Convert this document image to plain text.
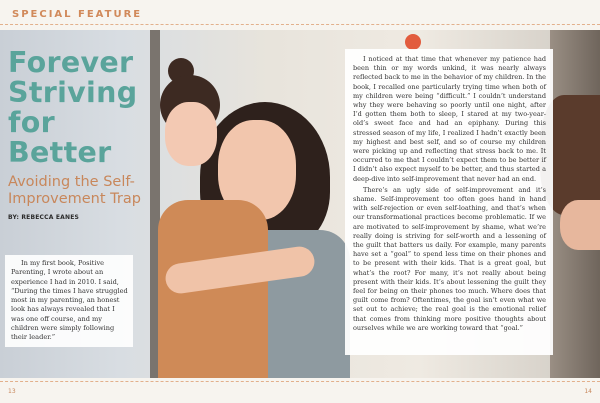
SPECIAL FEATURE
Forever Striving for Better
Avoiding the Self-Improvement Trap
BY: REBECCA EANES

In my first book, Positive Parenting, I wrote about an experience I had in 2010. I said, “During the times I have struggled most in my parenting, an honest look has always revealed that I was one off course, and my children were simply following their leader.”

I noticed at that time that whenever my patience had been thin or my words unkind, it was nearly always reflected back to me in the behavior of my children. In the book, I recalled one particularly trying time when both of my children were being “difficult.” I couldn’t understand why they were behaving so poorly until one night, after I’d gotten them both to sleep, I stared at my two-year-old’s sweet face and had an epiphany. During this stressed season of my life, I realized I hadn’t exactly been my highest and best self, and so of course my children were picking up and reflecting that stress back to me. It occurred to me that I couldn’t expect them to be better if I didn’t also expect myself to be better, and thus started a deep-dive into self-improvement that never had an end.

There’s an ugly side of self-improvement and it’s shame. Self-improvement too often goes hand in hand with self-rejection or even self-loathing, and that’s when our transformational practices become problematic. If we are motivated to self-improvement by shame, what we’re really doing is striving for self-worth and a lessening of the guilt that batters us daily. For example, many parents have set a “goal” to spend less time on their phones and to be present with their kids. That is a great goal, but what’s the root? For many, it’s not really about being present with their kids. It’s about lessening the guilt they feel for being on their phones too much. Where does that guilt come from? Oftentimes, the goal isn’t even what we set out to achieve; the real goal is the emotional relief that comes from thinking more positive thoughts about ourselves while we are working toward that “goal.”

13	14
